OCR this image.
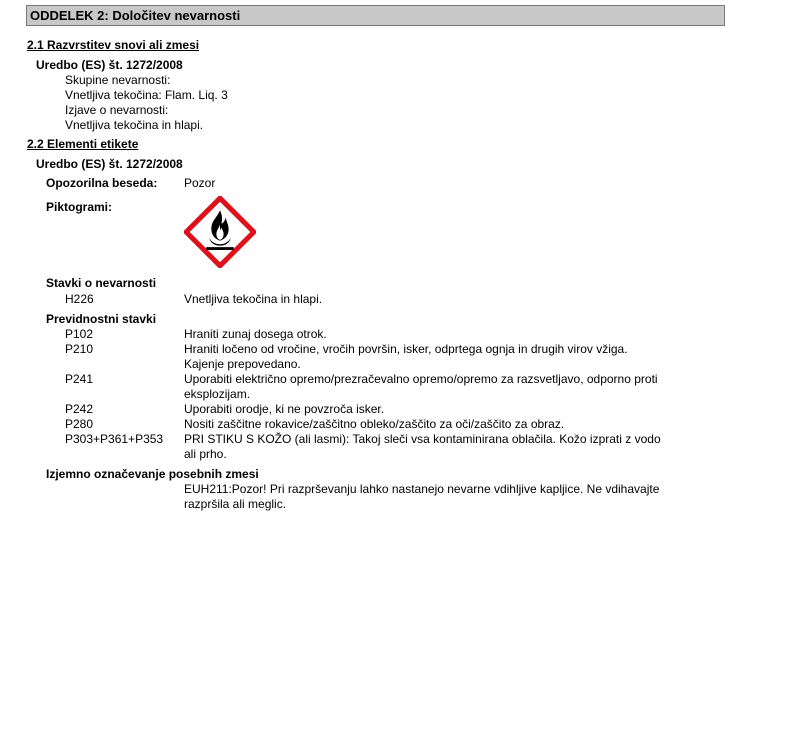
ODDELEK 2: Določitev nevarnosti
2.1 Razvrstitev snovi ali zmesi
Uredbo (ES) št. 1272/2008
Skupine nevarnosti:
Vnetljiva tekočina: Flam. Liq. 3
Izjave o nevarnosti:
Vnetljiva tekočina in hlapi.
2.2 Elementi etikete
Uredbo (ES) št. 1272/2008
Opozorilna beseda: Pozor
Piktogrami:
Stavki o nevarnosti
H226	Vnetljiva tekočina in hlapi.
Previdnostni stavki
P102	Hraniti zunaj dosega otrok.
P210	Hraniti ločeno od vročine, vročih površin, isker, odprtega ognja in drugih virov vžiga.
Kajenje prepovedano.
P241	Uporabiti električno opremo/prezračevalno opremo/opremo za razsvetljavo, odporno proti
eksplozijam.
P242	Uporabiti orodje, ki ne povzroča isker.
P280	Nositi zaščitne rokavice/zaščitno obleko/zaščito za oči/zaščito za obraz.
P303+P361+P353 PRI STIKU S KOŽO (ali lasmi): Takoj sleči vsa kontaminirana oblačila. Kožo izprati z vodo
ali prho.
Izjemno označevanje posebnih zmesi
EUH211:Pozor! Pri razprševanju lahko nastanejo nevarne vdihljive kapljice. Ne vdihavajte
razpršila ali meglic.
